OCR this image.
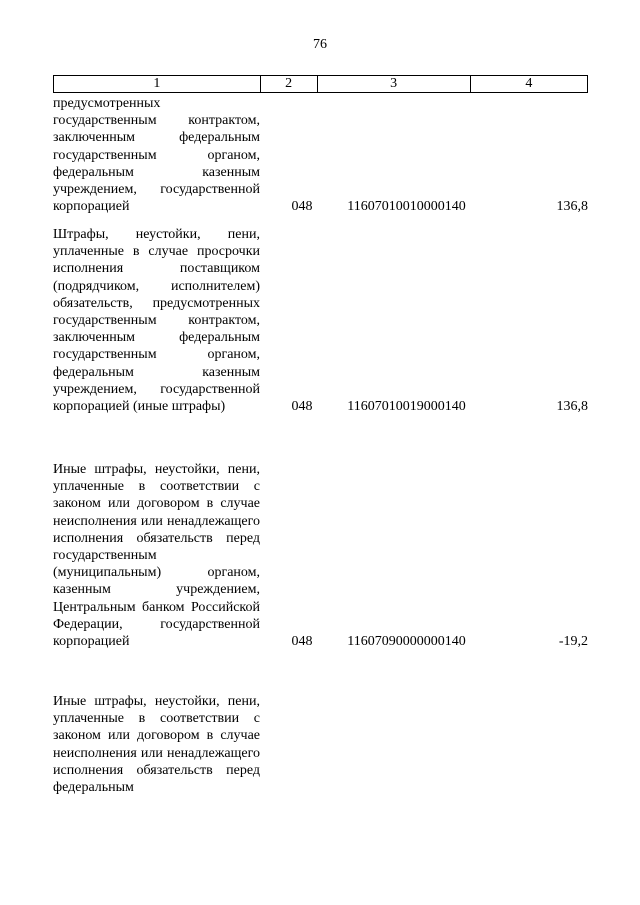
76
1	2	3	4
предусмотренных государственным контрактом, заключенным федеральным государственным органом, федеральным казенным учреждением, государственной корпорацией	048	11607010010000140	136,8
Штрафы, неустойки, пени, уплаченные в случае просрочки исполнения поставщиком (подрядчиком, исполнителем) обязательств, предусмотренных государственным контрактом, заключенным федеральным государственным органом, федеральным казенным учреждением, государственной корпорацией (иные штрафы)	048	11607010019000140	136,8
Иные штрафы, неустойки, пени, уплаченные в соответствии с законом или договором в случае неисполнения или ненадлежащего исполнения обязательств перед государственным (муниципальным) органом, казенным учреждением, Центральным банком Российской Федерации, государственной корпорацией	048	11607090000000140	-19,2
Иные штрафы, неустойки, пени, уплаченные в соответствии с законом или договором в случае неисполнения или ненадлежащего исполнения обязательств перед федеральным
